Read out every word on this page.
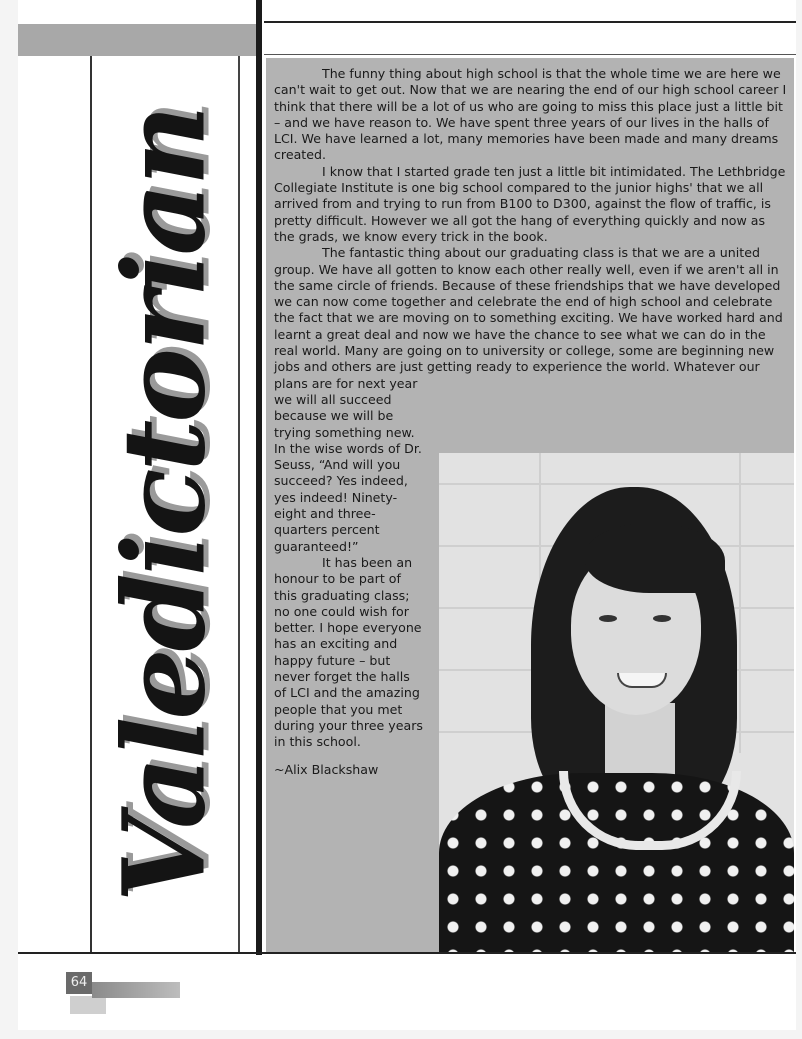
Valedictorian

The funny thing about high school is that the whole time we are here we can't wait to get out. Now that we are nearing the end of our high school career I think that there will be a lot of us who are going to miss this place just a little bit – and we have reason to. We have spent three years of our lives in the halls of LCI. We have learned a lot, many memories have been made and many dreams created.

I know that I started grade ten just a little bit intimidated. The Lethbridge Collegiate Institute is one big school compared to the junior highs' that we all arrived from and trying to run from B100 to D300, against the flow of traffic, is pretty difficult. However we all got the hang of everything quickly and now as the grads, we know every trick in the book.

The fantastic thing about our graduating class is that we are a united group. We have all gotten to know each other really well, even if we aren't all in the same circle of friends. Because of these friendships that we have developed we can now come together and celebrate the end of high school and celebrate the fact that we are moving on to something exciting. We have worked hard and learnt a great deal and now we have the chance to see what we can do in the real world. Many are going on to university or college, some are beginning new jobs and others are just getting ready to experience the world. Whatever our

plans are for next year we will all succeed because we will be trying something new. In the wise words of Dr. Seuss, “And will you succeed? Yes indeed, yes indeed! Ninety-eight and three-quarters percent guaranteed!”

It has been an honour to be part of this graduating class; no one could wish for better. I hope everyone has an exciting and happy future – but never forget the halls of LCI and the amazing people that you met during your three years in this school.

~Alix Blackshaw

64
